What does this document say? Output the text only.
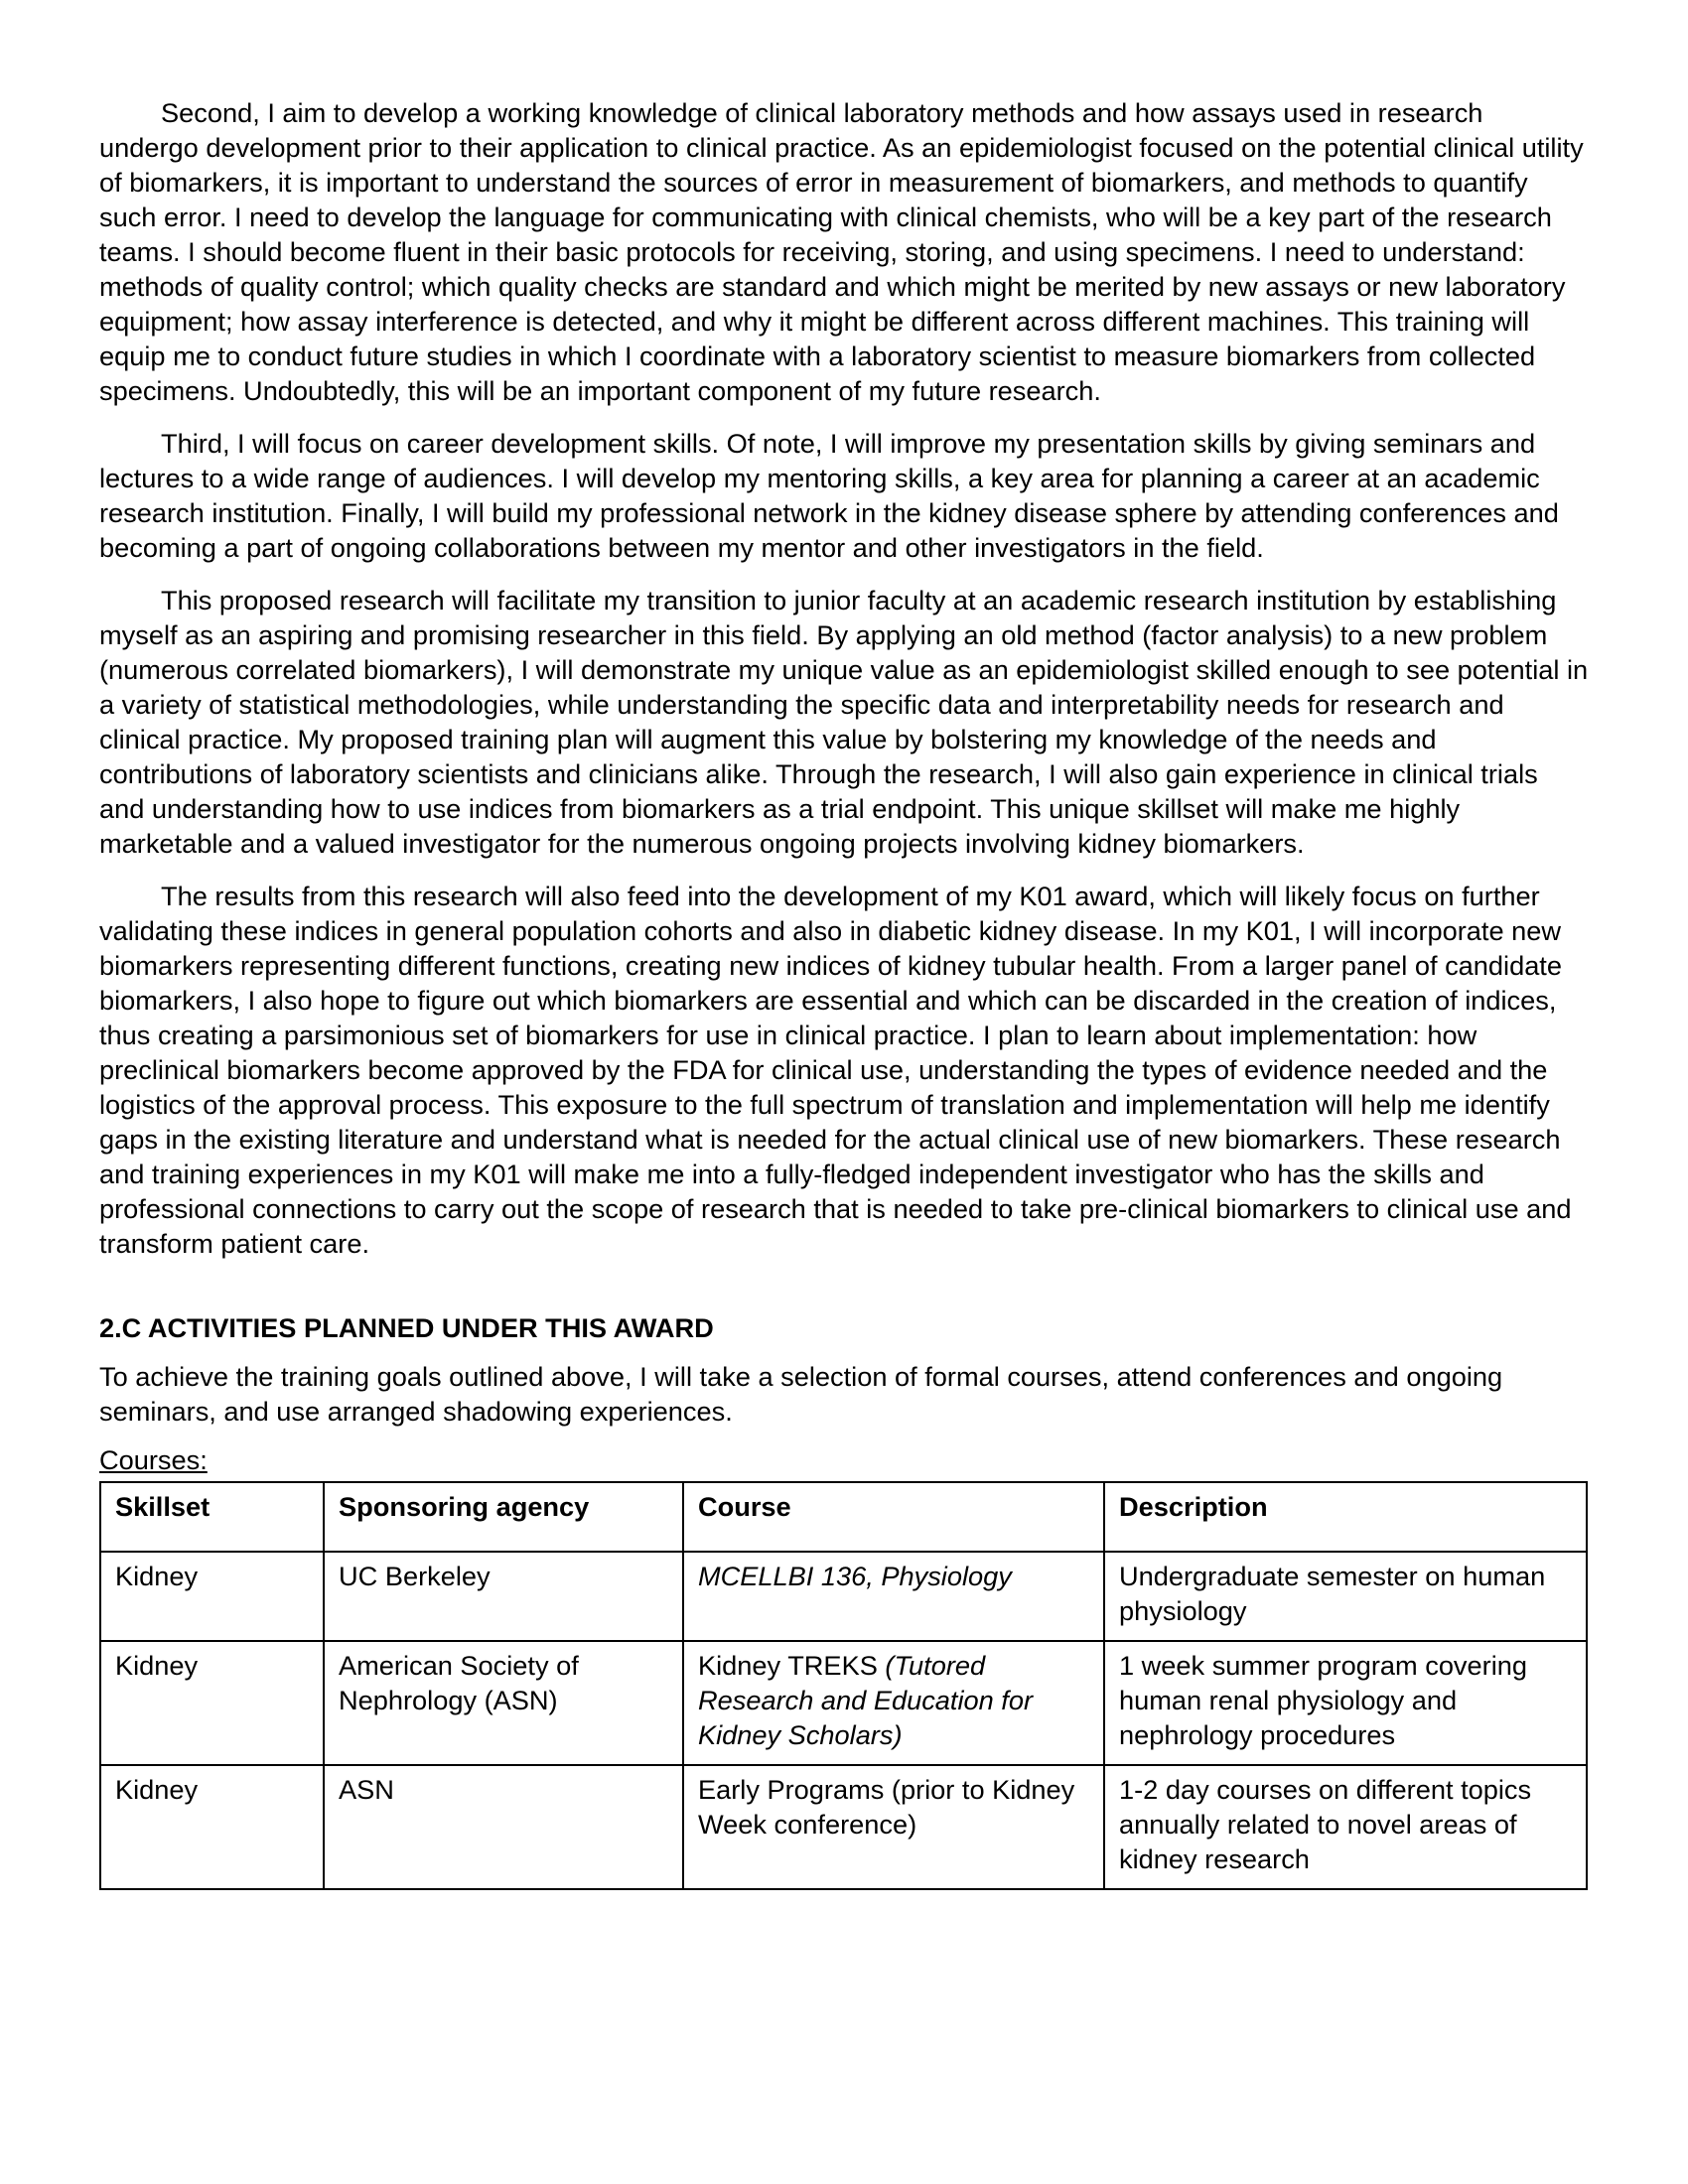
Second, I aim to develop a working knowledge of clinical laboratory methods and how assays used in research undergo development prior to their application to clinical practice. As an epidemiologist focused on the potential clinical utility of biomarkers, it is important to understand the sources of error in measurement of biomarkers, and methods to quantify such error. I need to develop the language for communicating with clinical chemists, who will be a key part of the research teams. I should become fluent in their basic protocols for receiving, storing, and using specimens. I need to understand: methods of quality control; which quality checks are standard and which might be merited by new assays or new laboratory equipment; how assay interference is detected, and why it might be different across different machines. This training will equip me to conduct future studies in which I coordinate with a laboratory scientist to measure biomarkers from collected specimens. Undoubtedly, this will be an important component of my future research.

Third, I will focus on career development skills. Of note, I will improve my presentation skills by giving seminars and lectures to a wide range of audiences. I will develop my mentoring skills, a key area for planning a career at an academic research institution. Finally, I will build my professional network in the kidney disease sphere by attending conferences and becoming a part of ongoing collaborations between my mentor and other investigators in the field.

This proposed research will facilitate my transition to junior faculty at an academic research institution by establishing myself as an aspiring and promising researcher in this field. By applying an old method (factor analysis) to a new problem (numerous correlated biomarkers), I will demonstrate my unique value as an epidemiologist skilled enough to see potential in a variety of statistical methodologies, while understanding the specific data and interpretability needs for research and clinical practice. My proposed training plan will augment this value by bolstering my knowledge of the needs and contributions of laboratory scientists and clinicians alike. Through the research, I will also gain experience in clinical trials and understanding how to use indices from biomarkers as a trial endpoint. This unique skillset will make me highly marketable and a valued investigator for the numerous ongoing projects involving kidney biomarkers.

The results from this research will also feed into the development of my K01 award, which will likely focus on further validating these indices in general population cohorts and also in diabetic kidney disease. In my K01, I will incorporate new biomarkers representing different functions, creating new indices of kidney tubular health. From a larger panel of candidate biomarkers, I also hope to figure out which biomarkers are essential and which can be discarded in the creation of indices, thus creating a parsimonious set of biomarkers for use in clinical practice. I plan to learn about implementation: how preclinical biomarkers become approved by the FDA for clinical use, understanding the types of evidence needed and the logistics of the approval process. This exposure to the full spectrum of translation and implementation will help me identify gaps in the existing literature and understand what is needed for the actual clinical use of new biomarkers. These research and training experiences in my K01 will make me into a fully-fledged independent investigator who has the skills and professional connections to carry out the scope of research that is needed to take pre-clinical biomarkers to clinical use and transform patient care.

2.C ACTIVITIES PLANNED UNDER THIS AWARD
To achieve the training goals outlined above, I will take a selection of formal courses, attend conferences and ongoing seminars, and use arranged shadowing experiences.
Courses:
Skillset	Sponsoring agency	Course	Description
Kidney	UC Berkeley	MCELLBI 136, Physiology	Undergraduate semester on human physiology
Kidney	American Society of Nephrology (ASN)	Kidney TREKS (Tutored Research and Education for Kidney Scholars)	1 week summer program covering human renal physiology and nephrology procedures
Kidney	ASN	Early Programs (prior to Kidney Week conference)	1-2 day courses on different topics annually related to novel areas of kidney research
